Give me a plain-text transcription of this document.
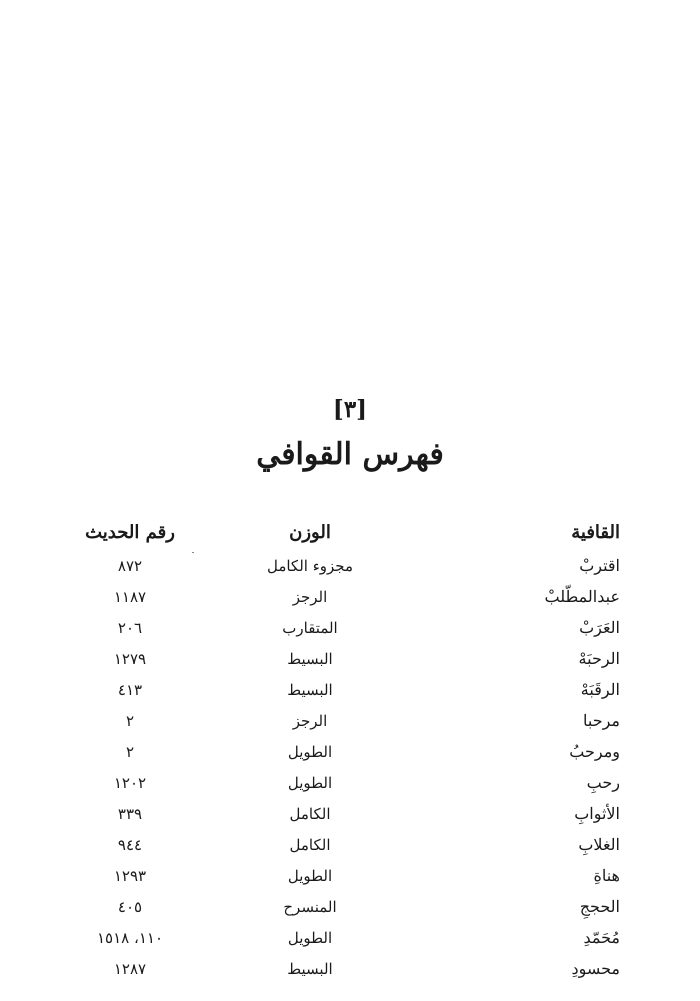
[٣]
فهرس القوافي
القافية
الوزن
رقم الحديث
اقتربْ
مجزوء الكامل
٨٧٢
عبدالمطّلبْ
الرجز
١١٨٧
العَرَبْ
المتقارب
٢٠٦
الرحبَهْ
البسيط
١٢٧٩
الرقَبَهْ
البسيط
٤١٣
مرحبا
الرجز
٢
ومرحبُ
الطويل
٢
رحبِ
الطويل
١٢٠٢
الأثوابِ
الكامل
٣٣٩
الغلابِ
الكامل
٩٤٤
هناةِ
الطويل
١٢٩٣
الحججِ
المنسرح
٤٠٥
مُحَمّدِ
الطويل
١١٠، ١٥١٨
محسودِ
البسيط
١٢٨٧
